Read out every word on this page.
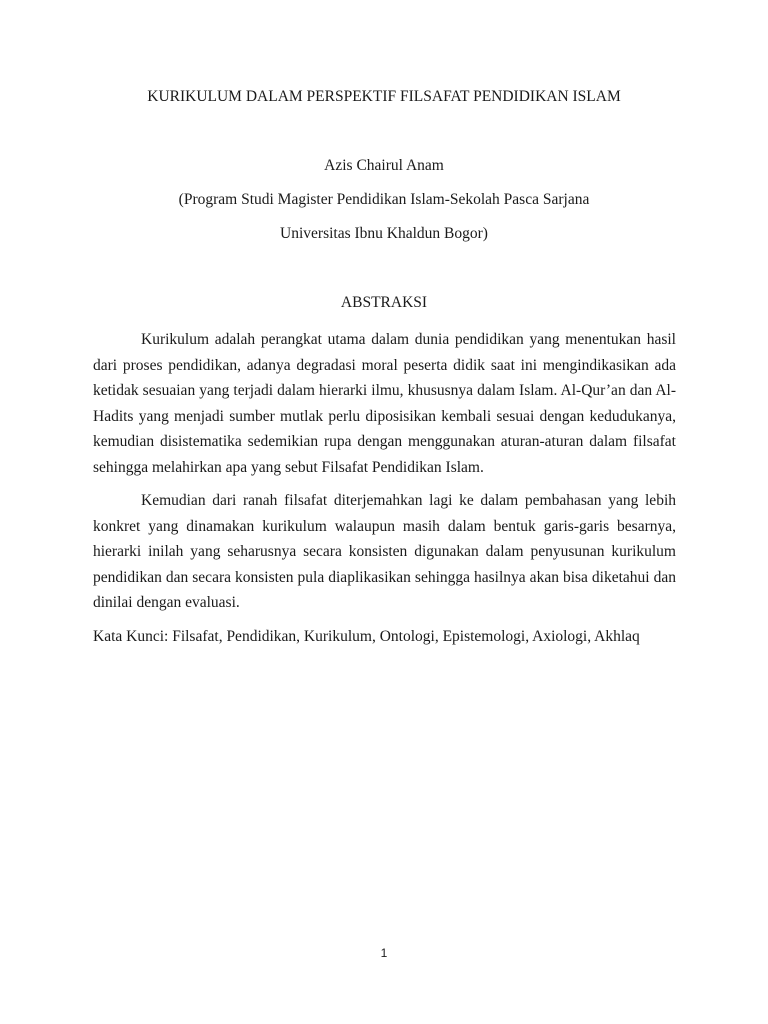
KURIKULUM DALAM PERSPEKTIF FILSAFAT PENDIDIKAN ISLAM
Azis Chairul Anam
(Program Studi Magister Pendidikan Islam-Sekolah Pasca Sarjana
Universitas Ibnu Khaldun Bogor)
ABSTRAKSI

Kurikulum adalah perangkat utama dalam dunia pendidikan yang menentukan hasil dari proses pendidikan, adanya degradasi moral peserta didik saat ini mengindikasikan ada ketidak sesuaian yang terjadi dalam hierarki ilmu, khususnya dalam Islam. Al-Qur’an dan Al-Hadits yang menjadi sumber mutlak perlu diposisikan kembali sesuai dengan kedudukanya, kemudian disistematika sedemikian rupa dengan menggunakan aturan-aturan dalam filsafat sehingga melahirkan apa yang sebut Filsafat Pendidikan Islam.

Kemudian dari ranah filsafat diterjemahkan lagi ke dalam pembahasan yang lebih konkret yang dinamakan kurikulum walaupun masih dalam bentuk garis-garis besarnya, hierarki inilah yang seharusnya secara konsisten digunakan dalam penyusunan kurikulum pendidikan dan secara konsisten pula diaplikasikan sehingga hasilnya akan bisa diketahui dan dinilai dengan evaluasi.

Kata Kunci: Filsafat, Pendidikan, Kurikulum, Ontologi, Epistemologi, Axiologi, Akhlaq

1
